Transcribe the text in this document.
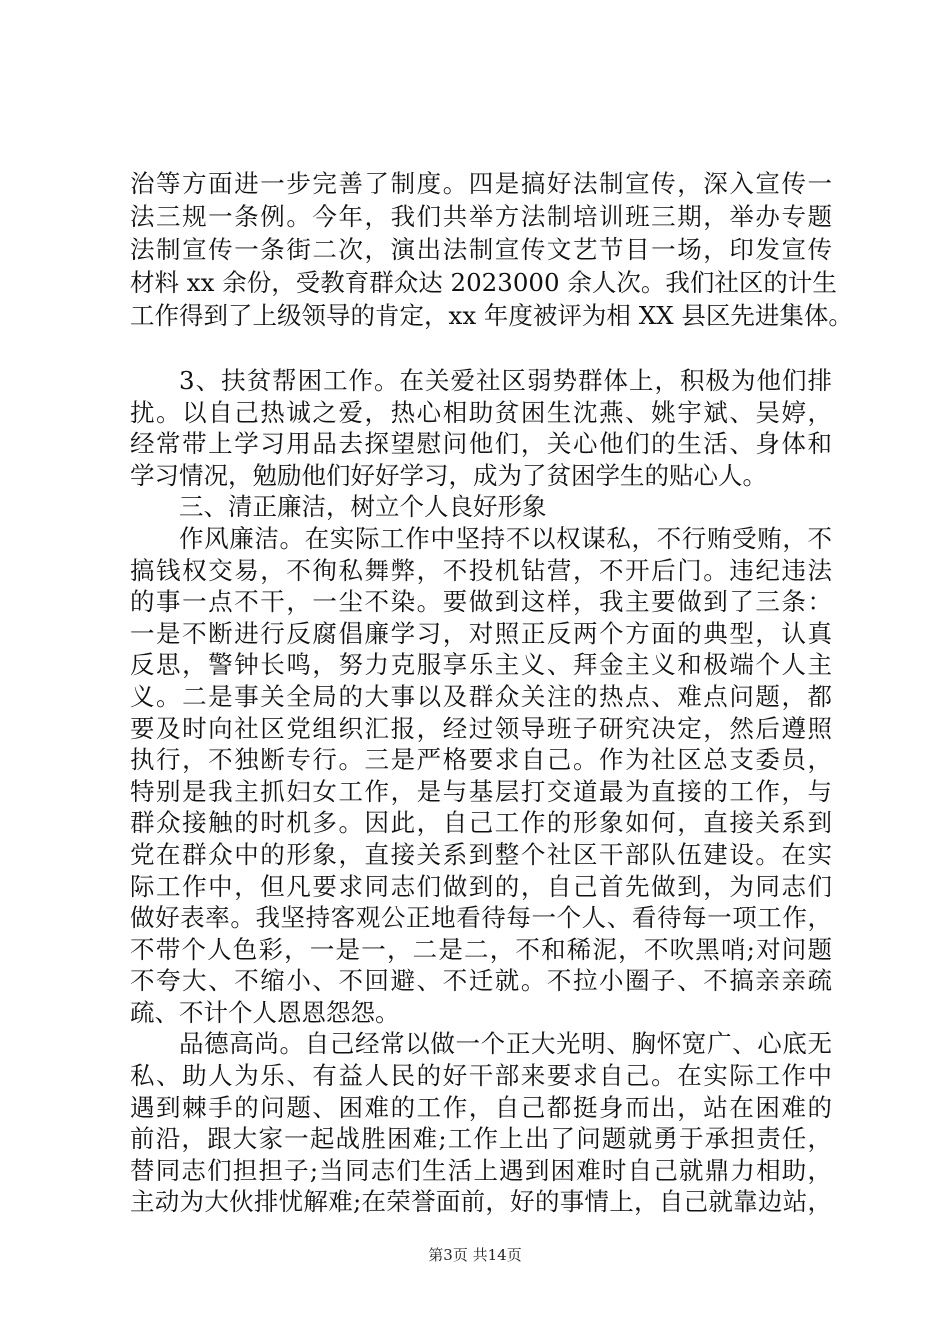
治等方面进一步完善了制度。四是搞好法制宣传，深入宣传一
法三规一条例。今年，我们共举方法制培训班三期，举办专题
法制宣传一条街二次，演出法制宣传文艺节目一场，印发宣传
材料 xx 余份，受教育群众达 2023000 余人次。我们社区的计生
工作得到了上级领导的肯定，xx 年度被评为相 XX 县区先进集体。
3、扶贫帮困工作。在关爱社区弱势群体上，积极为他们排
扰。以自己热诚之爱，热心相助贫困生沈燕、姚宇斌、吴婷，
经常带上学习用品去探望慰问他们，关心他们的生活、身体和
学习情况，勉励他们好好学习，成为了贫困学生的贴心人。
三、清正廉洁，树立个人良好形象
作风廉洁。在实际工作中坚持不以权谋私，不行贿受贿，不
搞钱权交易，不徇私舞弊，不投机钻营，不开后门。违纪违法
的事一点不干，一尘不染。要做到这样，我主要做到了三条：
一是不断进行反腐倡廉学习，对照正反两个方面的典型，认真
反思，警钟长鸣，努力克服享乐主义、拜金主义和极端个人主
义。二是事关全局的大事以及群众关注的热点、难点问题，都
要及时向社区党组织汇报，经过领导班子研究决定，然后遵照
执行，不独断专行。三是严格要求自己。作为社区总支委员，
特别是我主抓妇女工作，是与基层打交道最为直接的工作，与
群众接触的时机多。因此，自己工作的形象如何，直接关系到
党在群众中的形象，直接关系到整个社区干部队伍建设。在实
际工作中，但凡要求同志们做到的，自己首先做到，为同志们
做好表率。我坚持客观公正地看待每一个人、看待每一项工作，
不带个人色彩，一是一，二是二，不和稀泥，不吹黑哨;对问题
不夸大、不缩小、不回避、不迁就。不拉小圈子、不搞亲亲疏
疏、不计个人恩恩怨怨。
品德高尚。自己经常以做一个正大光明、胸怀宽广、心底无
私、助人为乐、有益人民的好干部来要求自己。在实际工作中
遇到棘手的问题、困难的工作，自己都挺身而出，站在困难的
前沿，跟大家一起战胜困难;工作上出了问题就勇于承担责任，
替同志们担担子;当同志们生活上遇到困难时自己就鼎力相助，
主动为大伙排忧解难;在荣誉面前，好的事情上，自己就靠边站，
第3页 共14页
